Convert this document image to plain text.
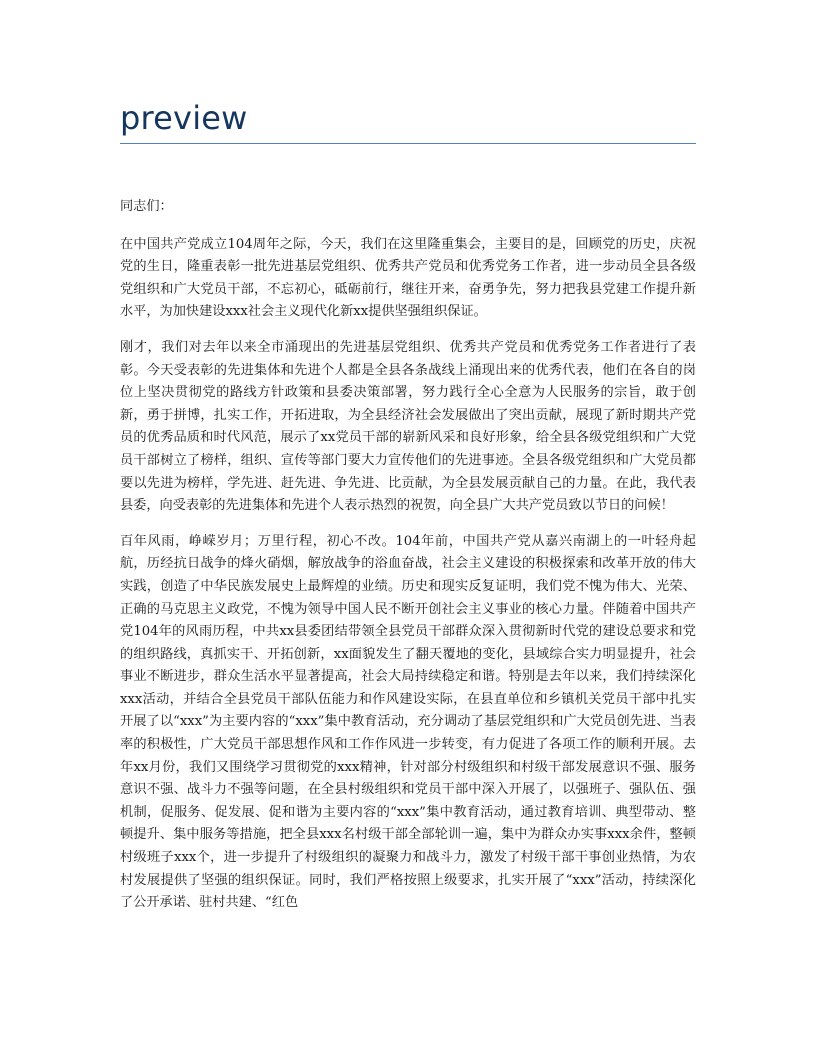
preview

同志们：

在中国共产党成立104周年之际，今天，我们在这里隆重集会，主要目的是，回顾党的历史，庆祝党的生日，隆重表彰一批先进基层党组织、优秀共产党员和优秀党务工作者，进一步动员全县各级党组织和广大党员干部，不忘初心，砥砺前行，继往开来，奋勇争先，努力把我县党建工作提升新水平，为加快建设xxx社会主义现代化新xx提供坚强组织保证。

刚才，我们对去年以来全市涌现出的先进基层党组织、优秀共产党员和优秀党务工作者进行了表彰。今天受表彰的先进集体和先进个人都是全县各条战线上涌现出来的优秀代表，他们在各自的岗位上坚决贯彻党的路线方针政策和县委决策部署，努力践行全心全意为人民服务的宗旨，敢于创新，勇于拼博，扎实工作，开拓进取，为全县经济社会发展做出了突出贡献，展现了新时期共产党员的优秀品质和时代风范，展示了xx党员干部的崭新风采和良好形象，给全县各级党组织和广大党员干部树立了榜样，组织、宣传等部门要大力宣传他们的先进事迹。全县各级党组织和广大党员都要以先进为榜样，学先进、赶先进、争先进、比贡献，为全县发展贡献自己的力量。在此，我代表县委，向受表彰的先进集体和先进个人表示热烈的祝贺，向全县广大共产党员致以节日的问候！

百年风雨，峥嵘岁月；万里行程，初心不改。104年前，中国共产党从嘉兴南湖上的一叶轻舟起航，历经抗日战争的烽火硝烟，解放战争的浴血奋战，社会主义建设的积极探索和改革开放的伟大实践，创造了中华民族发展史上最辉煌的业绩。历史和现实反复证明，我们党不愧为伟大、光荣、正确的马克思主义政党，不愧为领导中国人民不断开创社会主义事业的核心力量。伴随着中国共产党104年的风雨历程，中共xx县委团结带领全县党员干部群众深入贯彻新时代党的建设总要求和党的组织路线，真抓实干、开拓创新，xx面貌发生了翻天覆地的变化，县域综合实力明显提升，社会事业不断进步，群众生活水平显著提高，社会大局持续稳定和谐。特别是去年以来，我们持续深化xxx活动，并结合全县党员干部队伍能力和作风建设实际，在县直单位和乡镇机关党员干部中扎实开展了以“xxx”为主要内容的“xxx”集中教育活动，充分调动了基层党组织和广大党员创先进、当表率的积极性，广大党员干部思想作风和工作作风进一步转变，有力促进了各项工作的顺利开展。去年xx月份，我们又围绕学习贯彻党的xxx精神，针对部分村级组织和村级干部发展意识不强、服务意识不强、战斗力不强等问题，在全县村级组织和党员干部中深入开展了，以强班子、强队伍、强机制，促服务、促发展、促和谐为主要内容的“xxx”集中教育活动，通过教育培训、典型带动、整顿提升、集中服务等措施，把全县xxx名村级干部全部轮训一遍，集中为群众办实事xxx余件，整顿村级班子xxx个，进一步提升了村级组织的凝聚力和战斗力，激发了村级干部干事创业热情，为农村发展提供了坚强的组织保证。同时，我们严格按照上级要求，扎实开展了“xxx”活动，持续深化了公开承诺、驻村共建、“红色
